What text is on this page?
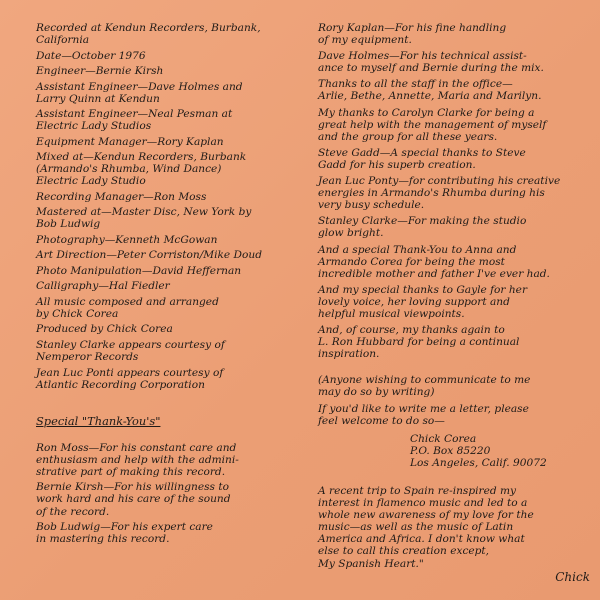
Recorded at Kendun Recorders, Burbank,
California

Date—October 1976

Engineer—Bernie Kirsh

Assistant Engineer—Dave Holmes and
Larry Quinn at Kendun

Assistant Engineer—Neal Pesman at
Electric Lady Studios

Equipment Manager—Rory Kaplan

Mixed at—Kendun Recorders, Burbank
(Armando's Rhumba, Wind Dance)
Electric Lady Studio

Recording Manager—Ron Moss

Mastered at—Master Disc, New York by
Bob Ludwig

Photography—Kenneth McGowan

Art Direction—Peter Corriston/Mike Doud

Photo Manipulation—David Heffernan

Calligraphy—Hal Fiedler

All music composed and arranged
by Chick Corea

Produced by Chick Corea

Stanley Clarke appears courtesy of
Nemperor Records

Jean Luc Ponti appears courtesy of
Atlantic Recording Corporation

Special "Thank-You's"

Ron Moss—For his constant care and
enthusiasm and help with the admini-
strative part of making this record.

Bernie Kirsh—For his willingness to
work hard and his care of the sound
of the record.

Bob Ludwig—For his expert care
in mastering this record.

Rory Kaplan—For his fine handling
of my equipment.

Dave Holmes—For his technical assist-
ance to myself and Bernie during the mix.

Thanks to all the staff in the office—
Arlie, Bethe, Annette, Maria and Marilyn.

My thanks to Carolyn Clarke for being a
great help with the management of myself
and the group for all these years.

Steve Gadd—A special thanks to Steve
Gadd for his superb creation.

Jean Luc Ponty—for contributing his creative
energies in Armando's Rhumba during his
very busy schedule.

Stanley Clarke—For making the studio
glow bright.

And a special Thank-You to Anna and
Armando Corea for being the most
incredible mother and father I've ever had.

And my special thanks to Gayle for her
lovely voice, her loving support and
helpful musical viewpoints.

And, of course, my thanks again to
L. Ron Hubbard for being a continual
inspiration.

(Anyone wishing to communicate to me
may do so by writing)

If you'd like to write me a letter, please
feel welcome to do so—

Chick Corea
P.O. Box 85220
Los Angeles, Calif. 90072
A recent trip to Spain re-inspired my
interest in flamenco music and led to a
whole new awareness of my love for the
music—as well as the music of Latin
America and Africa. I don't know what
else to call this creation except,
My Spanish Heart."
Chick
